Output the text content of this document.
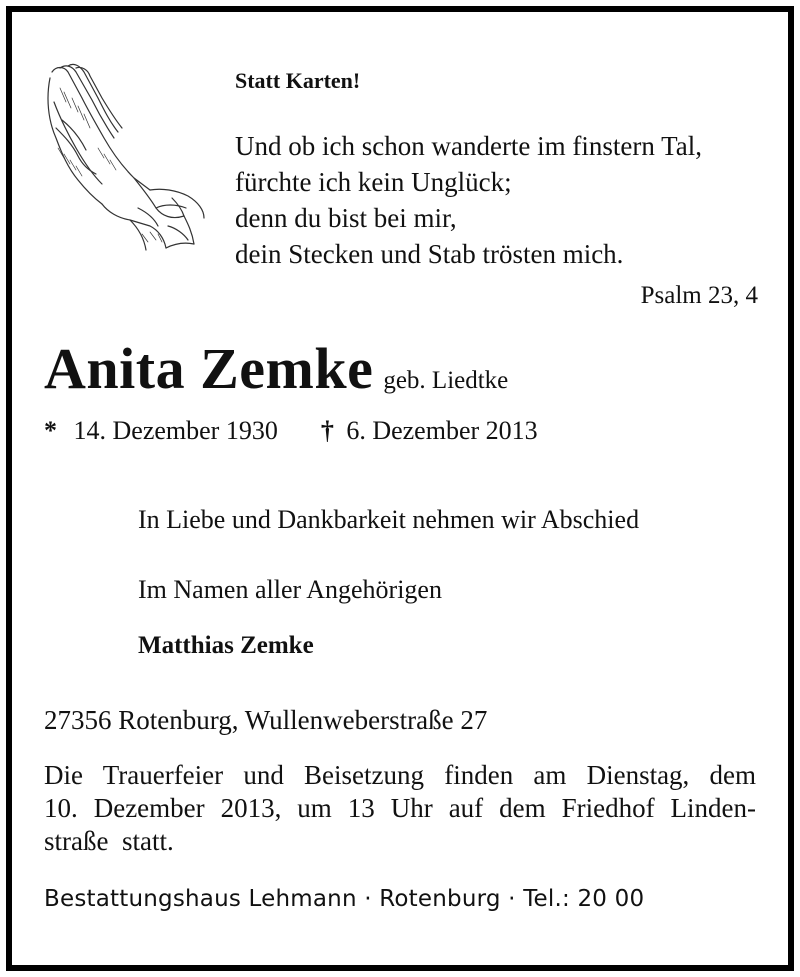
Statt Karten!
Und ob ich schon wanderte im finstern Tal,
fürchte ich kein Unglück;
denn du bist bei mir,
dein Stecken und Stab trösten mich.
Psalm 23, 4
Anita Zemke geb. Liedtke
* 14. Dezember 1930 † 6. Dezember 2013
In Liebe und Dankbarkeit nehmen wir Abschied
Im Namen aller Angehörigen
Matthias Zemke
27356 Rotenburg, Wullenweberstraße 27
Die Trauerfeier und Beisetzung finden am Dienstag, dem
10. Dezember 2013, um 13 Uhr auf dem Friedhof Linden-
straße  statt.
Bestattungshaus Lehmann · Rotenburg · Tel.: 20 00
